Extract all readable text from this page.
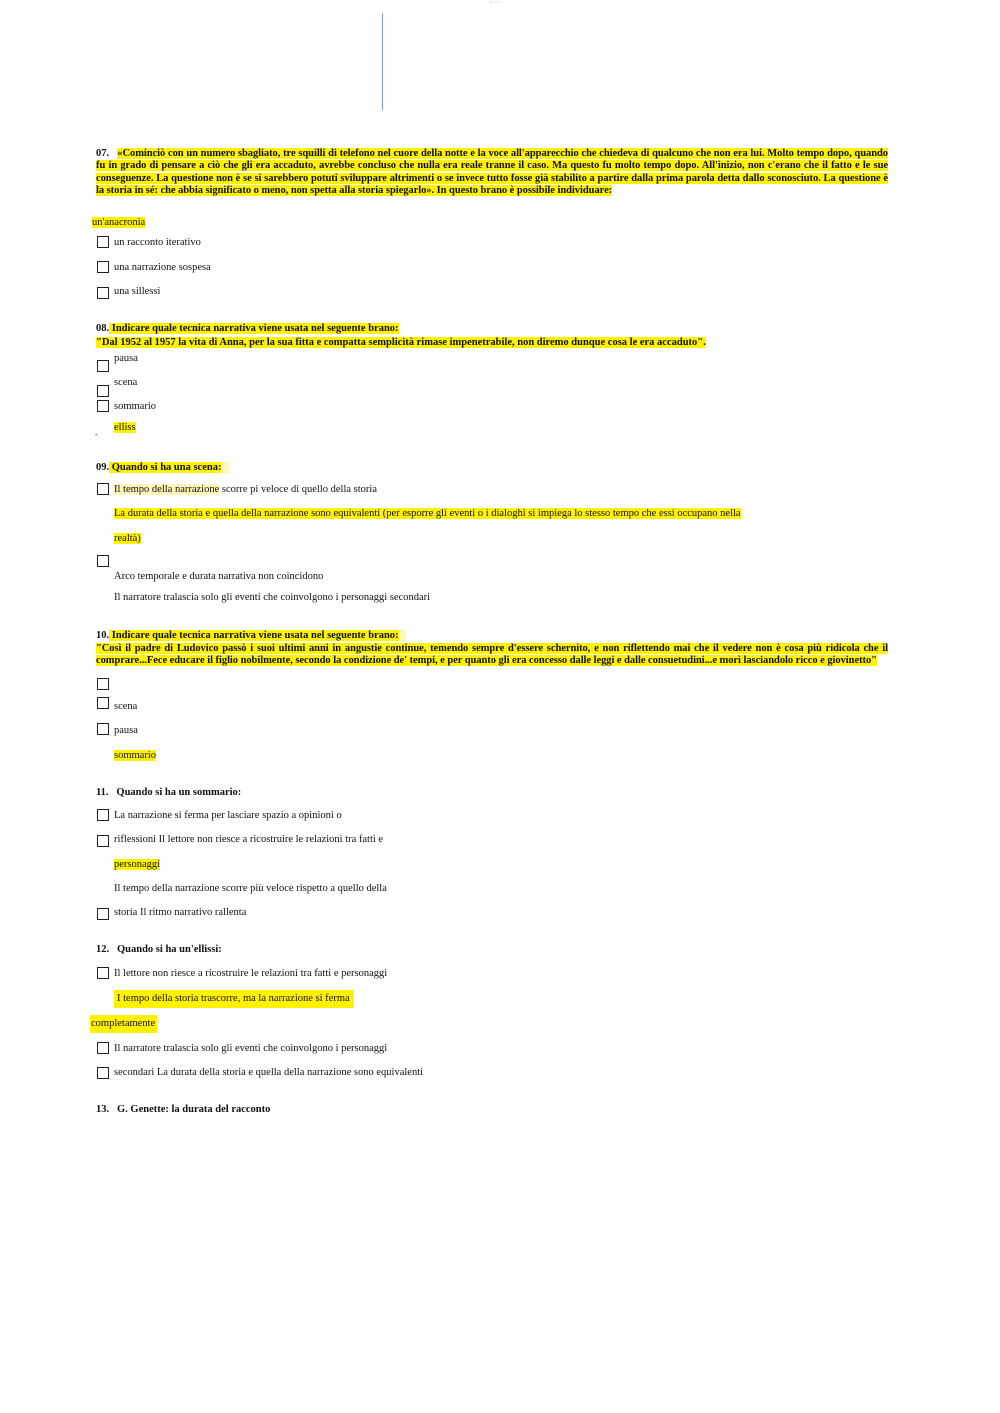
Sc. Lu. A.
07. «Cominciò con un numero sbagliato, tre squilli di telefono nel cuore della notte e la voce all'apparecchio che chiedeva di qualcuno che non era lui. Molto tempo dopo, quando fu in grado di pensare a ciò che gli era accaduto, avrebbe concluso che nulla era reale tranne il caso. Ma questo fu molto tempo dopo. All'inizio, non c'erano che il fatto e le sue conseguenze. La questione non è se si sarebbero potuti sviluppare altrimenti o se invece tutto fosse già stabilito a partire dalla prima parola detta dallo sconosciuto. La questione è la storia in sé: che abbia significato o meno, non spetta alla storia spiegarlo». In questo brano è possibile individuare:
un'anacronia
un racconto iterativo
una narrazione sospesa
una sillessi
08. Indicare quale tecnica narrativa viene usata nel seguente brano:
"Dal 1952 al 1957 la vita di Anna, per la sua fitta e compatta semplicità rimase impenetrabile, non diremo dunque cosa le era accaduto".
pausa
scena
sommario
elliss
-
09. Quando si ha una scena:
Il tempo della narrazione scorre pi veloce di quello della storia
La durata della storia e quella della narrazione sono equivalenti (per esporre gli eventi o i dialoghi si impiega lo stesso tempo che essi occupano nella
realtà)
Arco temporale e durata narrativa non coincidono
Il narratore tralascia solo gli eventi che coinvolgono i personaggi secondari
10. Indicare quale tecnica narrativa viene usata nel seguente brano:
"Così il padre di Ludovico passò i suoi ultimi anni in angustie continue, temendo sempre d'essere schernito, e non riflettendo mai che il vedere non è cosa più ridicola che il comprare...Fece educare il figlio nobilmente, secondo la condizione de' tempi, e per quanto gli era concesso dalle leggi e dalle consuetudini...e morì lasciandolo ricco e giovinetto"
scena
pausa
sommario
11. Quando si ha un sommario:
La narrazione si ferma per lasciare spazio a opinioni o
riflessioni Il lettore non riesce a ricostruire le relazioni tra fatti e
personaggi
Il tempo della narrazione scorre più veloce rispetto a quello della
storia Il ritmo narrativo rallenta
12. Quando si ha un'ellissi:
Il lettore non riesce a ricostruire le relazioni tra fatti e personaggi
I tempo della storia trascorre, ma la narrazione si ferma
completamente
Il narratore tralascia solo gli eventi che coinvolgono i personaggi
secondari La durata della storia e quella della narrazione sono equivalenti
13. G. Genette: la durata del racconto
